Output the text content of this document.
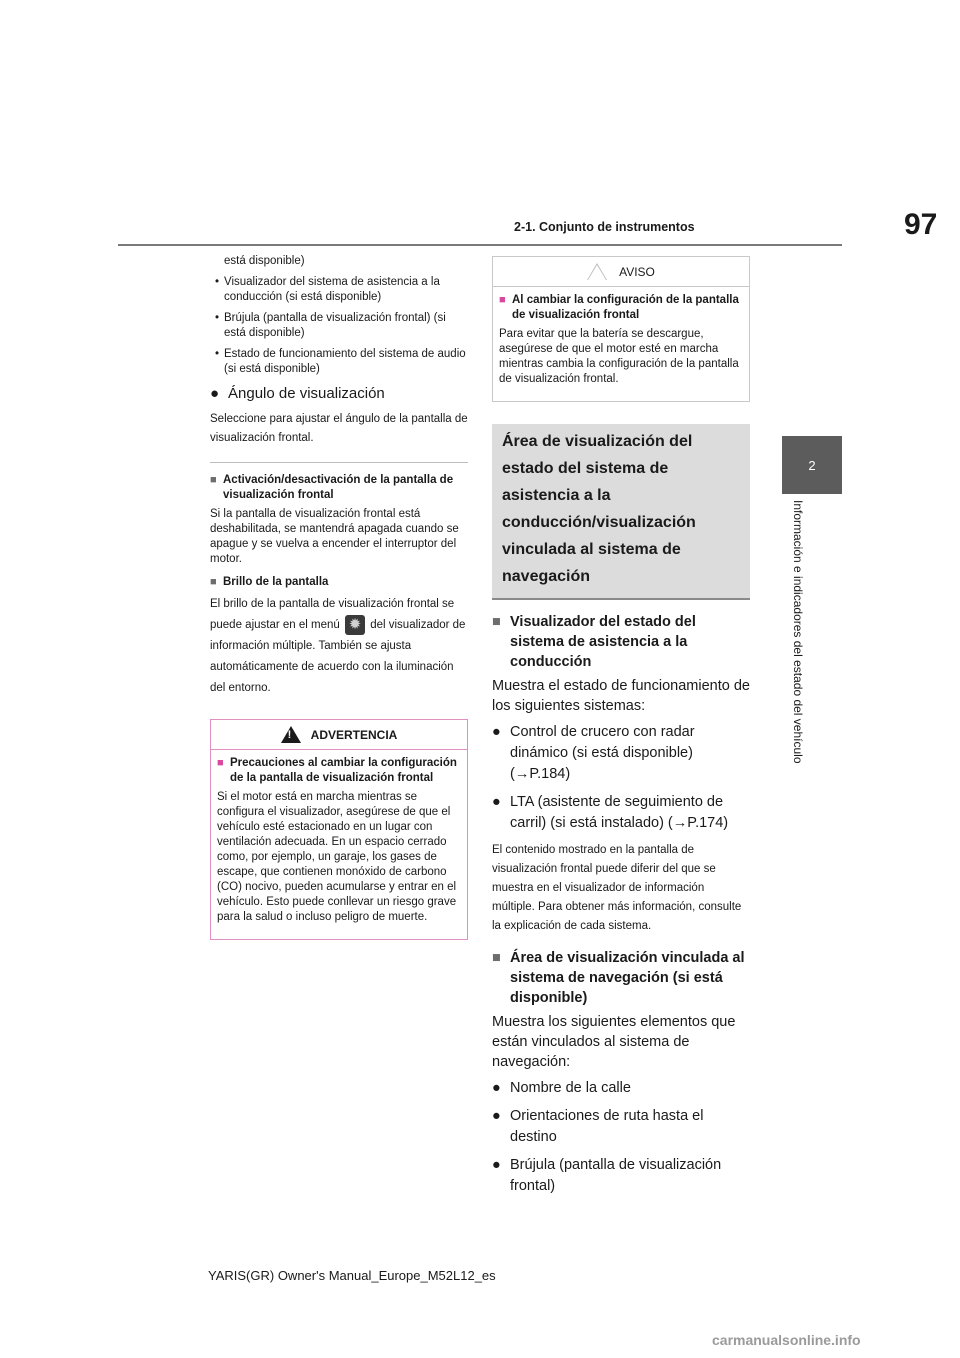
97
2-1. Conjunto de instrumentos
2
Información e indicadores del estado del vehículo
está disponible)
• Visualizador del sistema de asistencia a la conducción (si está disponible)
• Brújula (pantalla de visualización frontal) (si está disponible)
• Estado de funcionamiento del sistema de audio (si está disponible)
● Ángulo de visualización
Seleccione para ajustar el ángulo de la pantalla de visualización frontal.
■ Activación/desactivación de la pantalla de visualización frontal
Si la pantalla de visualización frontal está deshabilitada, se mantendrá apagada cuando se apague y se vuelva a encender el interruptor del motor.
■ Brillo de la pantalla
El brillo de la pantalla de visualización frontal se puede ajustar en el menú ✹	del visualizador de información múltiple. También se ajusta automáticamente de acuerdo con la iluminación del entorno.
!
ADVERTENCIA
■ Precauciones al cambiar la configuración de la pantalla de visualización frontal
Si el motor está en marcha mientras se configura el visualizador, asegúrese de que el vehículo esté estacionado en un lugar con ventilación adecuada. En un espacio cerrado como, por ejemplo, un garaje, los gases de escape, que contienen monóxido de carbono (CO) nocivo, pueden acumularse y entrar en el vehículo. Esto puede conllevar un riesgo grave para la salud o incluso peligro de muerte.
AVISO
■ Al cambiar la configuración de la pantalla de visualización frontal
Para evitar que la batería se descargue, asegúrese de que el motor esté en marcha mientras cambia la configuración de la pantalla de visualización frontal.
Área de visualización del estado del sistema de asistencia a la conducción/visualización vinculada al sistema de navegación
■ Visualizador del estado del sistema de asistencia a la conducción
Muestra el estado de funcionamiento de los siguientes sistemas:
● Control de crucero con radar dinámico (si está disponible) (→P.184)
● LTA (asistente de seguimiento de carril) (si está instalado) (→P.174)
El contenido mostrado en la pantalla de visualización frontal puede diferir del que se muestra en el visualizador de información múltiple. Para obtener más información, consulte la explicación de cada sistema.
■ Área de visualización vinculada al sistema de navegación (si está disponible)
Muestra los siguientes elementos que están vinculados al sistema de navegación:
● Nombre de la calle
● Orientaciones de ruta hasta el destino
● Brújula (pantalla de visualización frontal)
YARIS(GR) Owner's Manual_Europe_M52L12_es
carmanualsonline.info
